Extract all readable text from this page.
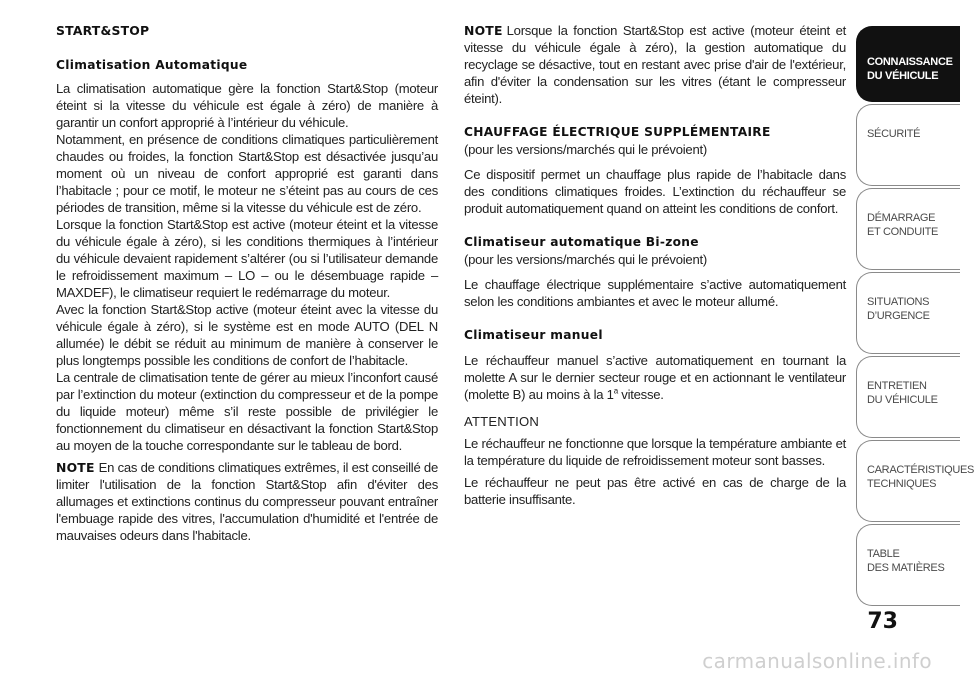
START&STOP
Climatisation Automatique

La climatisation automatique gère la fonction Start&Stop (moteur éteint si la vitesse du véhicule est égale à zéro) de manière à garantir un confort approprié à l’intérieur du véhicule.

Notamment, en présence de conditions climatiques particulièrement chaudes ou froides, la fonction Start&Stop est désactivée jusqu’au moment où un niveau de confort approprié est garanti dans l’habitacle ; pour ce motif, le moteur ne s’éteint pas au cours de ces périodes de transition, même si la vitesse du véhicule est de zéro.

Lorsque la fonction Start&Stop est active (moteur éteint et la vitesse du véhicule égale à zéro), si les conditions thermiques à l’intérieur du véhicule devaient rapidement s’altérer (ou si l’utilisateur demande le refroidissement maximum – LO – ou le désembuage rapide – MAXDEF), le climatiseur requiert le redémarrage du moteur.

Avec la fonction Start&Stop active (moteur éteint avec la vitesse du véhicule égale à zéro), si le système est en mode AUTO (DEL N allumée) le débit se réduit au minimum de manière à conserver le plus longtemps possible les conditions de confort de l’habitacle.

La centrale de climatisation tente de gérer au mieux l’inconfort causé par l’extinction du moteur (extinction du compresseur et de la pompe du liquide moteur) même s’il reste possible de privilégier le fonctionnement du climatiseur en désactivant la fonction Start&Stop au moyen de la touche correspondante sur le tableau de bord.

NOTE En cas de conditions climatiques extrêmes, il est conseillé de limiter l'utilisation de la fonction Start&Stop afin d'éviter des allumages et extinctions continus du compresseur pouvant entraîner l'embuage rapide des vitres, l'accumulation d'humidité et l'entrée de mauvaises odeurs dans l'habitacle.

NOTE Lorsque la fonction Start&Stop est active (moteur éteint et vitesse du véhicule égale à zéro), la gestion automatique du recyclage se désactive, tout en restant avec prise d'air de l'extérieur, afin d'éviter la condensation sur les vitres (étant le compresseur éteint).

CHAUFFAGE ÉLECTRIQUE SUPPLÉMENTAIRE

(pour les versions/marchés qui le prévoient)

Ce dispositif permet un chauffage plus rapide de l’habitacle dans des conditions climatiques froides. L’extinction du réchauffeur se produit automatiquement quand on atteint les conditions de confort.

Climatiseur automatique Bi-zone

(pour les versions/marchés qui le prévoient)

Le chauffage électrique supplémentaire s’active automatiquement selon les conditions ambiantes et avec le moteur allumé.

Climatiseur manuel

Le réchauffeur manuel s’active automatiquement en tournant la molette A sur le dernier secteur rouge et en actionnant le ventilateur (molette B) au moins à la 1$^a$ vitesse.

ATTENTION

Le réchauffeur ne fonctionne que lorsque la température ambiante et la température du liquide de refroidissement moteur sont basses.

Le réchauffeur ne peut pas être activé en cas de charge de la batterie insuffisante.

CONNAISSANCE
DU VÉHICULE
SÉCURITÉ
DÉMARRAGE
ET CONDUITE
SITUATIONS
D’URGENCE
ENTRETIEN
DU VÉHICULE
CARACTÉRISTIQUES
TECHNIQUES
TABLE
DES MATIÈRES
73
carmanualsonline.info
